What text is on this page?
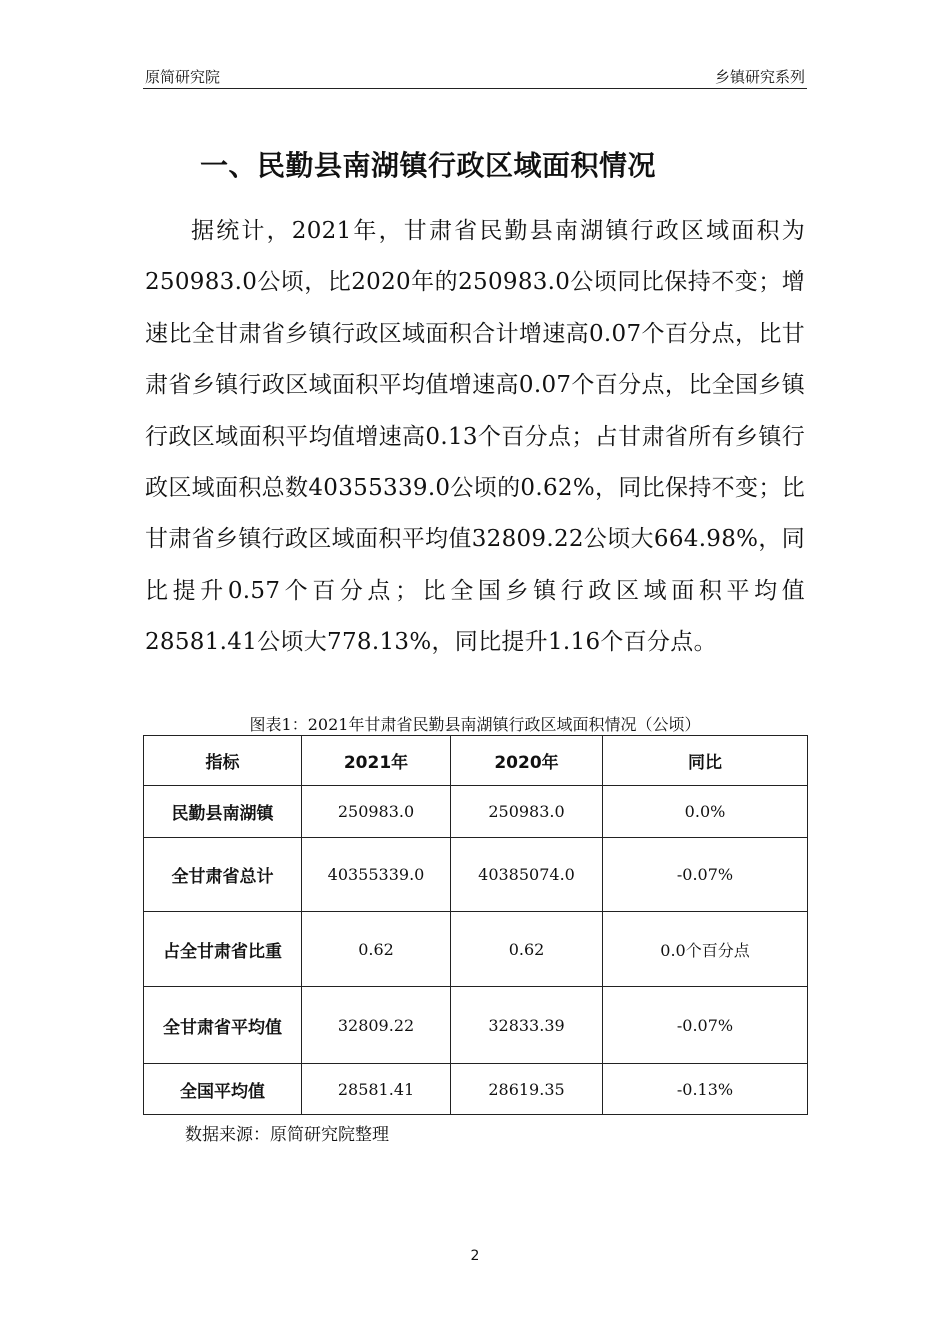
原简研究院	乡镇研究系列
一、民勤县南湖镇行政区域面积情况

据统计，2021年，甘肃省民勤县南湖镇行政区域面积为250983.0公顷，比2020年的250983.0公顷同比保持不变；增速比全甘肃省乡镇行政区域面积合计增速高0.07个百分点，比甘肃省乡镇行政区域面积平均值增速高0.07个百分点，比全国乡镇行政区域面积平均值增速高0.13个百分点；占甘肃省所有乡镇行政区域面积总数40355339.0公顷的0.62%，同比保持不变；比甘肃省乡镇行政区域面积平均值32809.22公顷大664.98%，同比提升0.57个百分点；比全国乡镇行政区域面积平均值28581.41公顷大778.13%，同比提升1.16个百分点。

图表1：2021年甘肃省民勤县南湖镇行政区域面积情况（公顷）
指标	2021年	2020年	同比
民勤县南湖镇	250983.0	250983.0	0.0%
全甘肃省总计	40355339.0	40385074.0	-0.07%
占全甘肃省比重	0.62	0.62	0.0个百分点
全甘肃省平均值	32809.22	32833.39	-0.07%
全国平均值	28581.41	28619.35	-0.13%
数据来源：原简研究院整理
2
